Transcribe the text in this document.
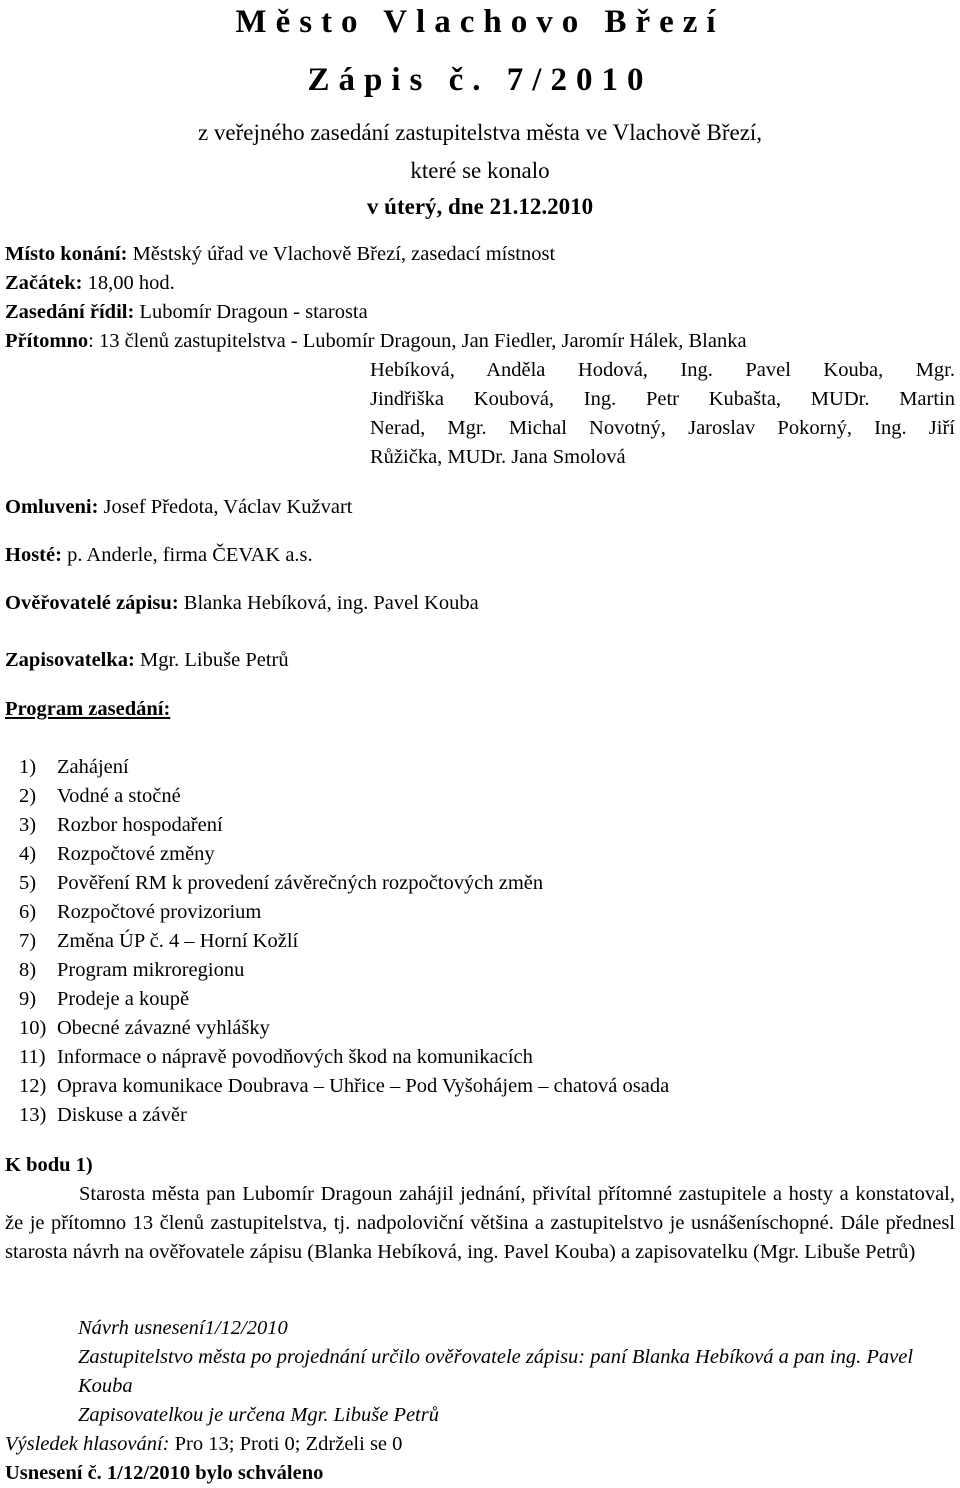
Město Vlachovo Březí
Zápis č. 7/2010
z veřejného zasedání zastupitelstva města ve Vlachově Březí,
které se konalo
v úterý, dne 21.12.2010
Místo konání: Městský úřad ve Vlachově Březí, zasedací místnost
Začátek: 18,00 hod.
Zasedání řídil: Lubomír Dragoun - starosta
Přítomno: 13 členů zastupitelstva - Lubomír Dragoun, Jan Fiedler, Jaromír Hálek, Blanka
Hebíková, Anděla Hodová, Ing. Pavel Kouba, Mgr.
Jindřiška Koubová, Ing. Petr Kubašta, MUDr. Martin
Nerad, Mgr. Michal Novotný, Jaroslav Pokorný, Ing. Jiří
Růžička, MUDr. Jana Smolová
Omluveni: Josef Předota, Václav Kužvart
Hosté: p. Anderle, firma ČEVAK a.s.
Ověřovatelé zápisu: Blanka Hebíková, ing. Pavel Kouba
Zapisovatelka: Mgr. Libuše Petrů
Program zasedání:
1) Zahájení
2) Vodné a stočné
3) Rozbor hospodaření
4) Rozpočtové změny
5) Pověření RM k provedení závěrečných rozpočtových změn
6) Rozpočtové provizorium
7) Změna ÚP č. 4 – Horní Kožlí
8) Program mikroregionu
9) Prodeje a koupě
10) Obecné závazné vyhlášky
11) Informace o nápravě povodňových škod na komunikacích
12) Oprava komunikace Doubrava – Uhřice – Pod Vyšohájem – chatová osada
13) Diskuse a závěr
K bodu 1)
Starosta města pan Lubomír Dragoun zahájil jednání, přivítal přítomné zastupitele a hosty a konstatoval, že je přítomno 13 členů zastupitelstva, tj. nadpoloviční většina a zastupitelstvo je usnášeníschopné. Dále přednesl starosta návrh na ověřovatele zápisu (Blanka Hebíková, ing. Pavel Kouba) a zapisovatelku (Mgr. Libuše Petrů)
Návrh usnesení1/12/2010
Zastupitelstvo města po projednání určilo ověřovatele zápisu: paní Blanka Hebíková a pan ing. Pavel Kouba
Zapisovatelkou je určena Mgr. Libuše Petrů
Výsledek hlasování: Pro 13; Proti 0; Zdrželi se 0
Usnesení č. 1/12/2010 bylo schváleno
